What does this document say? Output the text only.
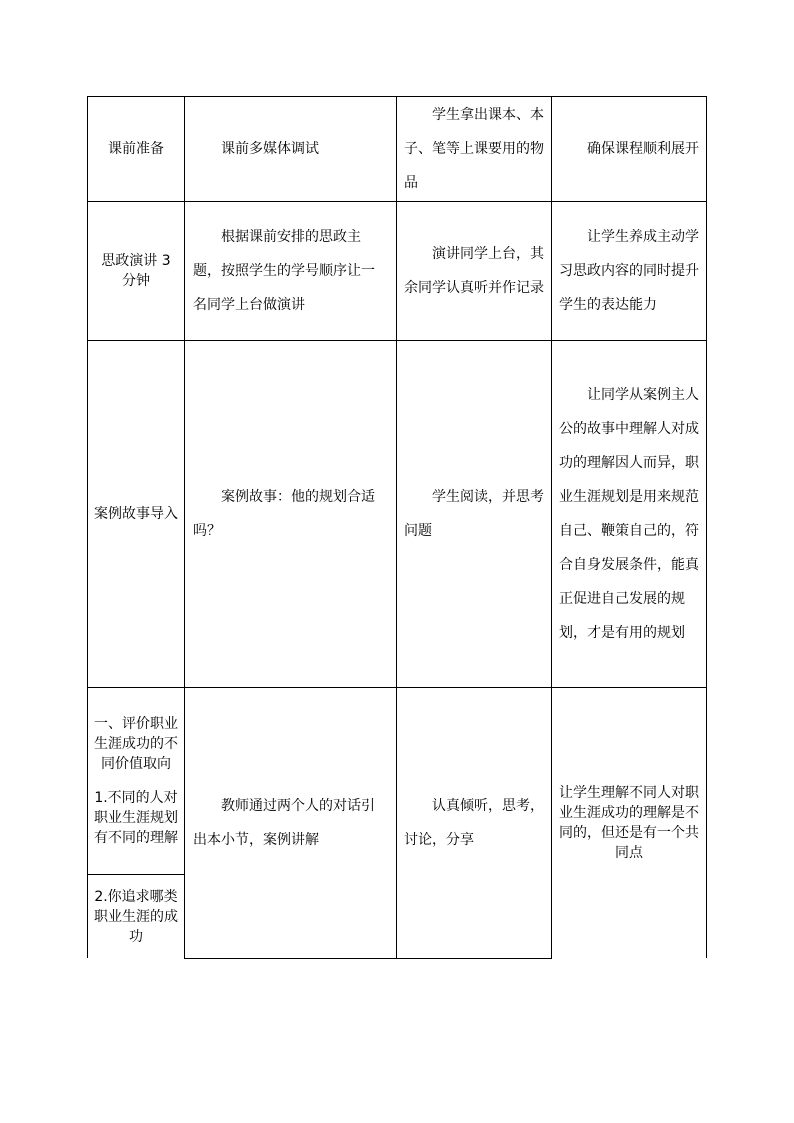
课前准备	课前多媒体调试
学生拿出课本、本子、笔等上课要用的物品
确保课程顺利展开
思政演讲 3 分钟
根据课前安排的思政主题，按照学生的学号顺序让一名同学上台做演讲
演讲同学上台，其余同学认真听并作记录
让学生养成主动学习思政内容的同时提升学生的表达能力
案例故事导入
案例故事：他的规划合适吗？
学生阅读，并思考问题
让同学从案例主人公的故事中理解人对成功的理解因人而异，职业生涯规划是用来规范自己、鞭策自己的，符合自身发展条件，能真正促进自己发展的规划，才是有用的规划
一、评价职业生涯成功的不同价值取向
1.不同的人对职业生涯规划有不同的理解
2.你追求哪类职业生涯的成功
教师通过两个人的对话引出本小节，案例讲解
认真倾听，思考，讨论，分享
让学生理解不同人对职业生涯成功的理解是不同的，但还是有一个共同点
